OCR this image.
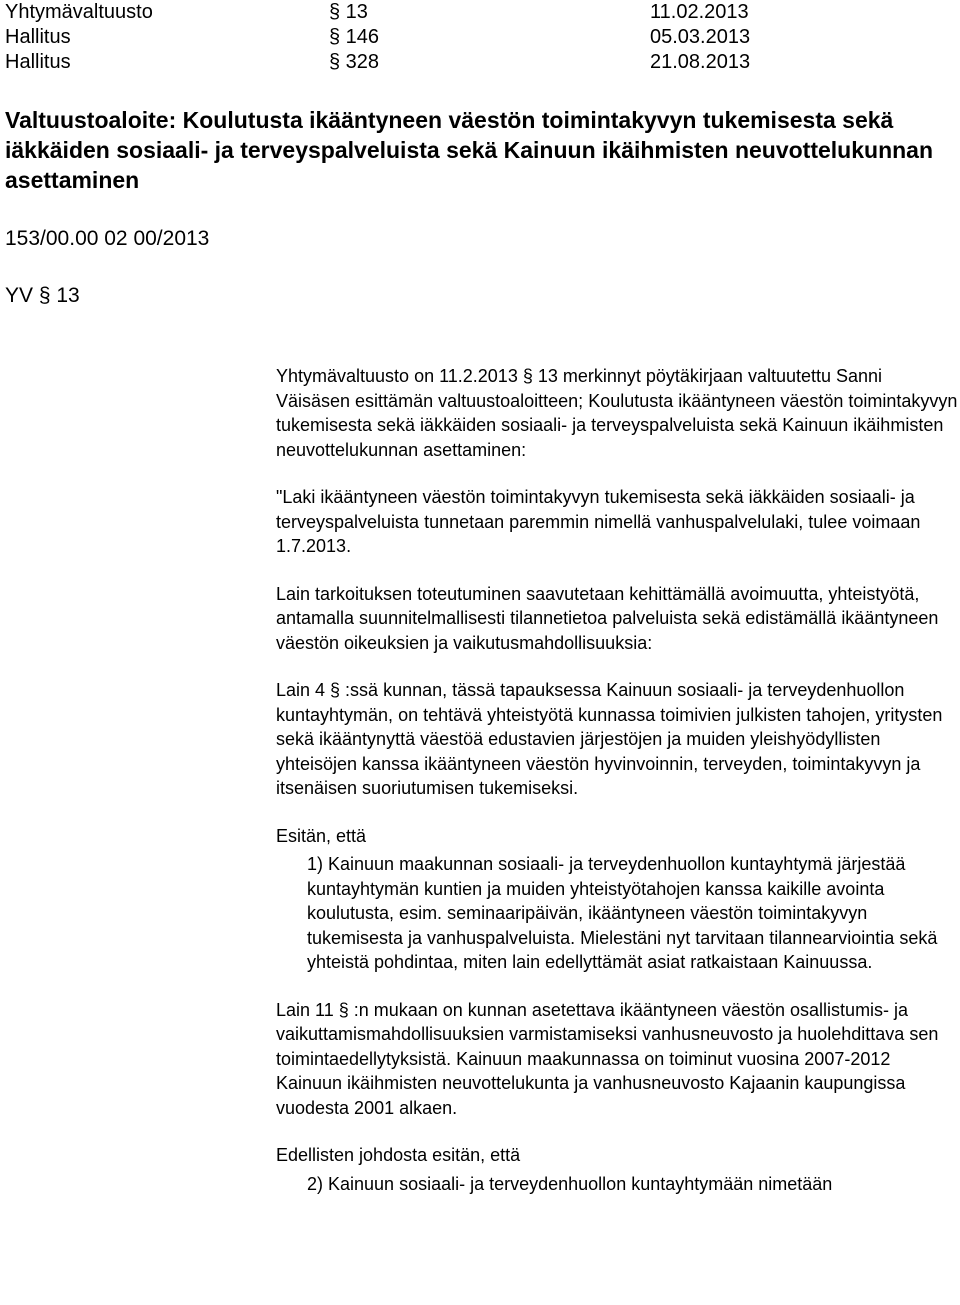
Yhtymävaltuusto	§ 13	11.02.2013
Hallitus	§ 146	05.03.2013
Hallitus	§ 328	21.08.2013
Valtuustoaloite: Koulutusta ikääntyneen väestön toimintakyvyn tukemisesta sekä iäkkäiden sosiaali- ja terveyspalveluista sekä Kainuun ikäihmisten neuvottelukunnan asettaminen
153/00.00 02 00/2013
YV § 13

Yhtymävaltuusto on 11.2.2013 § 13 merkinnyt pöytäkirjaan valtuutettu Sanni Väisäsen esittämän valtuustoaloitteen; Koulutusta ikääntyneen väestön toimintakyvyn tukemisesta sekä iäkkäiden sosiaali- ja terveyspalveluista sekä Kainuun ikäihmisten neuvottelukunnan asettaminen:

"Laki ikääntyneen väestön toimintakyvyn tukemisesta sekä iäkkäiden sosiaali- ja terveyspalveluista tunnetaan paremmin nimellä vanhuspalvelulaki, tulee voimaan 1.7.2013.

Lain tarkoituksen toteutuminen saavutetaan kehittämällä avoimuutta, yhteistyötä, antamalla suunnitelmallisesti tilannetietoa palveluista sekä edistämällä ikääntyneen väestön oikeuksien ja vaikutusmahdollisuuksia:

Lain 4 § :ssä kunnan, tässä tapauksessa Kainuun sosiaali- ja terveydenhuollon kuntayhtymän, on tehtävä yhteistyötä kunnassa toimivien julkisten tahojen, yritysten sekä ikääntynyttä väestöä edustavien järjestöjen ja muiden yleishyödyllisten yhteisöjen kanssa ikääntyneen väestön hyvinvoinnin, terveyden, toimintakyvyn ja itsenäisen suoriutumisen tukemiseksi.

Esitän, että

1) Kainuun maakunnan sosiaali- ja terveydenhuollon kuntayhtymä järjestää kuntayhtymän kuntien ja muiden yhteistyötahojen kanssa kaikille avointa koulutusta, esim. seminaaripäivän, ikääntyneen väestön toimintakyvyn tukemisesta ja vanhuspalveluista. Mielestäni nyt tarvitaan tilannearviointia sekä yhteistä pohdintaa, miten lain edellyttämät asiat ratkaistaan Kainuussa.

Lain 11 § :n mukaan on kunnan asetettava ikääntyneen väestön osallistumis- ja vaikuttamismahdollisuuksien varmistamiseksi vanhusneuvosto ja huolehdittava sen toimintaedellytyksistä. Kainuun maakunnassa on toiminut vuosina 2007-2012 Kainuun ikäihmisten neuvottelukunta ja vanhusneuvosto Kajaanin kaupungissa vuodesta 2001 alkaen.

Edellisten johdosta esitän, että

2) Kainuun sosiaali- ja terveydenhuollon kuntayhtymään nimetään
